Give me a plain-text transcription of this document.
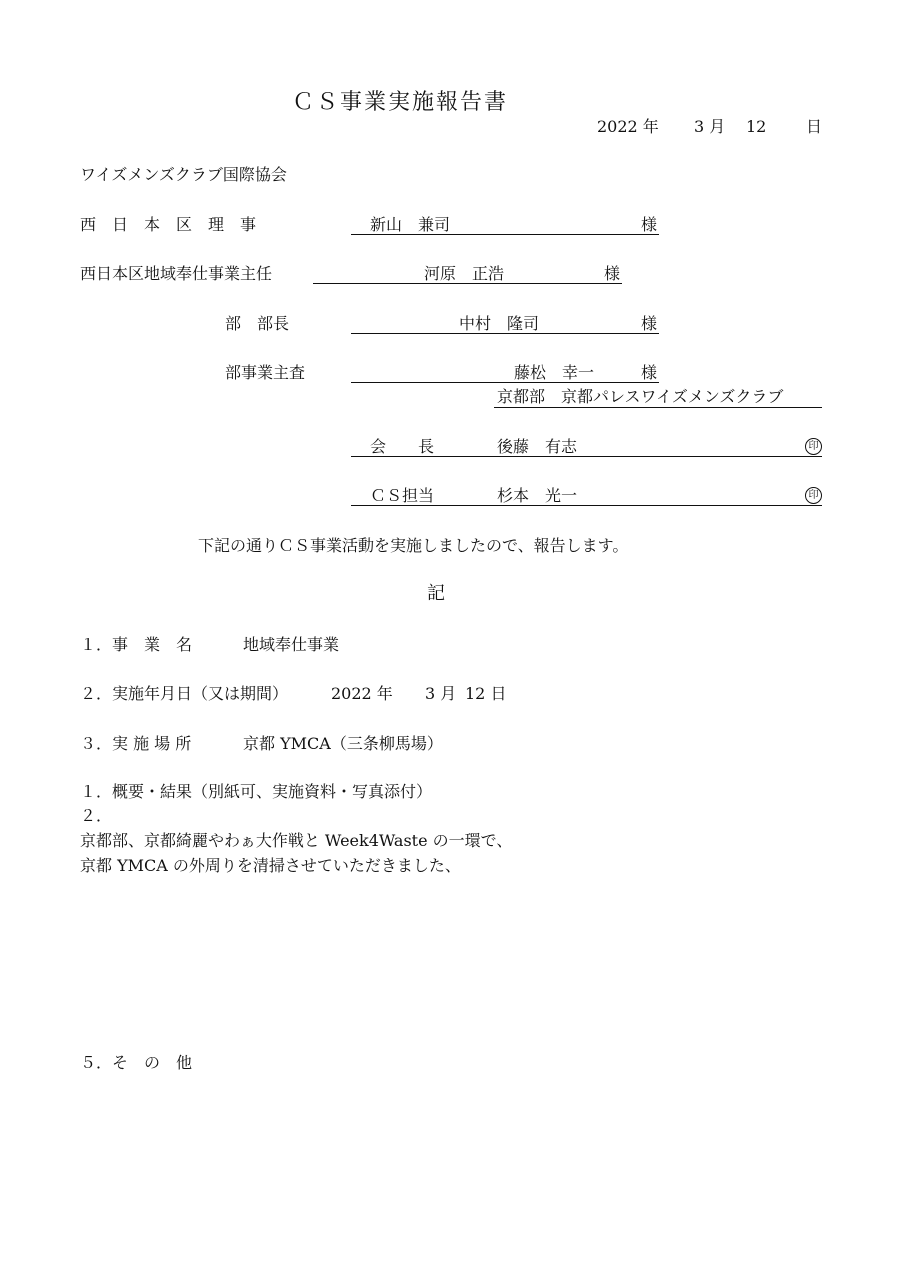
ＣＳ事業実施報告書
2022 年 3 月 12 日
ワイズメンズクラブ国際協会
西　日　本　区　理　事	新山　兼司	様
西日本区地域奉仕事業主任	河原　正浩	様
部　部長	中村　隆司	様
部事業主査	藤松　幸一	様
京都部　京都パレスワイズメンズクラブ
会　　長	後藤　有志	印
ＣＳ担当	杉本　光一	印
下記の通りＣＳ事業活動を実施しましたので、報告します。
記
１．事　業　名	地域奉仕事業
２．実施年月日（又は期間）	2022 年 3 月 12 日
３．実 施 場 所	京都 YMCA（三条柳馬場）
１．概要・結果（別紙可、実施資料・写真添付）
２．
京都部、京都綺麗やわぁ大作戦と Week4Waste の一環で、
京都 YMCA の外周りを清掃させていただきました、
５．そ　の　他
